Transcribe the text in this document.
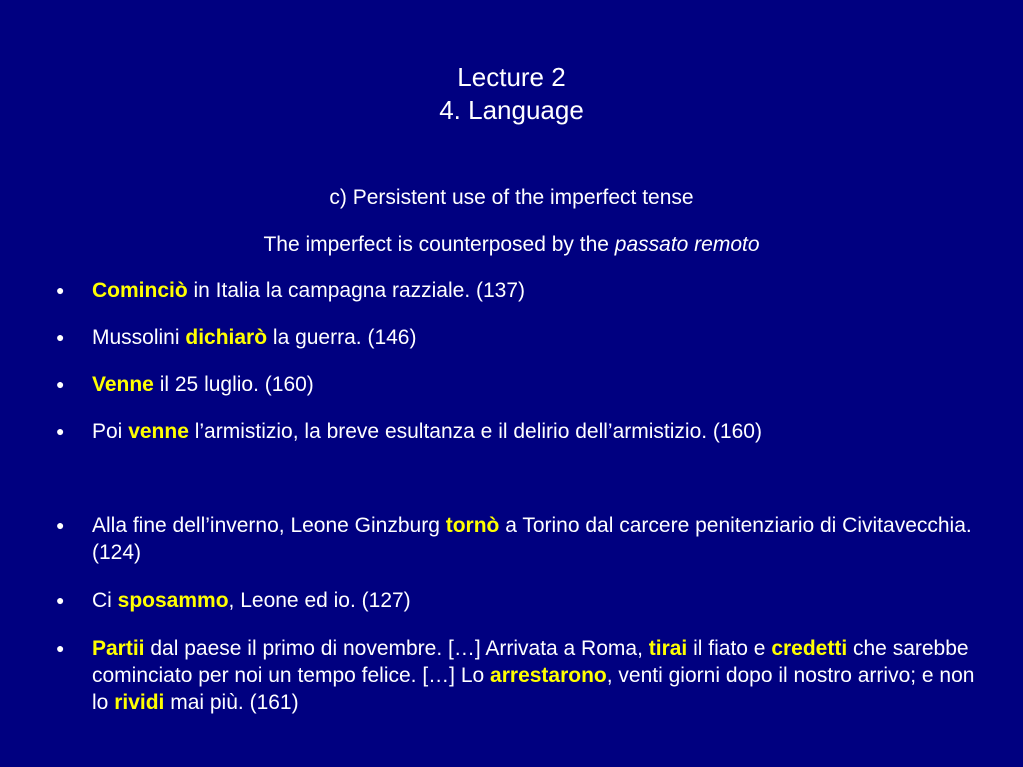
Lecture 2
4. Language
c) Persistent use of the imperfect tense
The imperfect is counterposed by the passato remoto
● Cominciò in Italia la campagna razziale. (137)
● Mussolini dichiarò la guerra. (146)
● Venne il 25 luglio. (160)
● Poi venne l’armistizio, la breve esultanza e il delirio dell’armistizio. (160)
● Alla fine dell’inverno, Leone Ginzburg tornò a Torino dal carcere penitenziario di Civitavecchia. (124)
● Ci sposammo, Leone ed io. (127)
● Partii dal paese il primo di novembre. […] Arrivata a Roma, tirai il fiato e credetti che sarebbe cominciato per noi un tempo felice. […] Lo arrestarono, venti giorni dopo il nostro arrivo; e non lo rividi mai più. (161)
